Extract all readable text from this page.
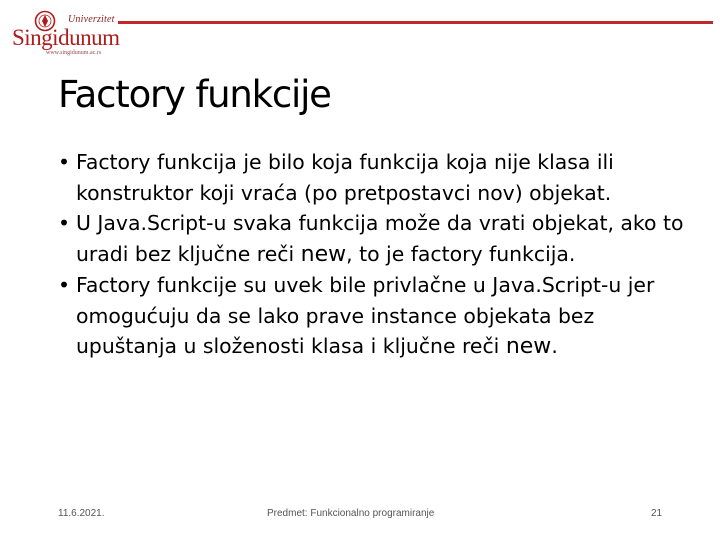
Univerzitet
Singidunum
www.singidunum.ac.rs
Factory funkcije
• Factory funkcija je bilo koja funkcija koja nije klasa ili konstruktor koji vraća (po pretpostavci nov) objekat.
• U Java.Script-u svaka funkcija može da vrati objekat, ako to uradi bez ključne reči new, to je factory funkcija.
• Factory funkcije su uvek bile privlačne u Java.Script-u jer omogućuju da se lako prave instance objekata bez upuštanja u složenosti klasa i ključne reči new.
11.6.2021.	Predmet: Funkcionalno programiranje	21
